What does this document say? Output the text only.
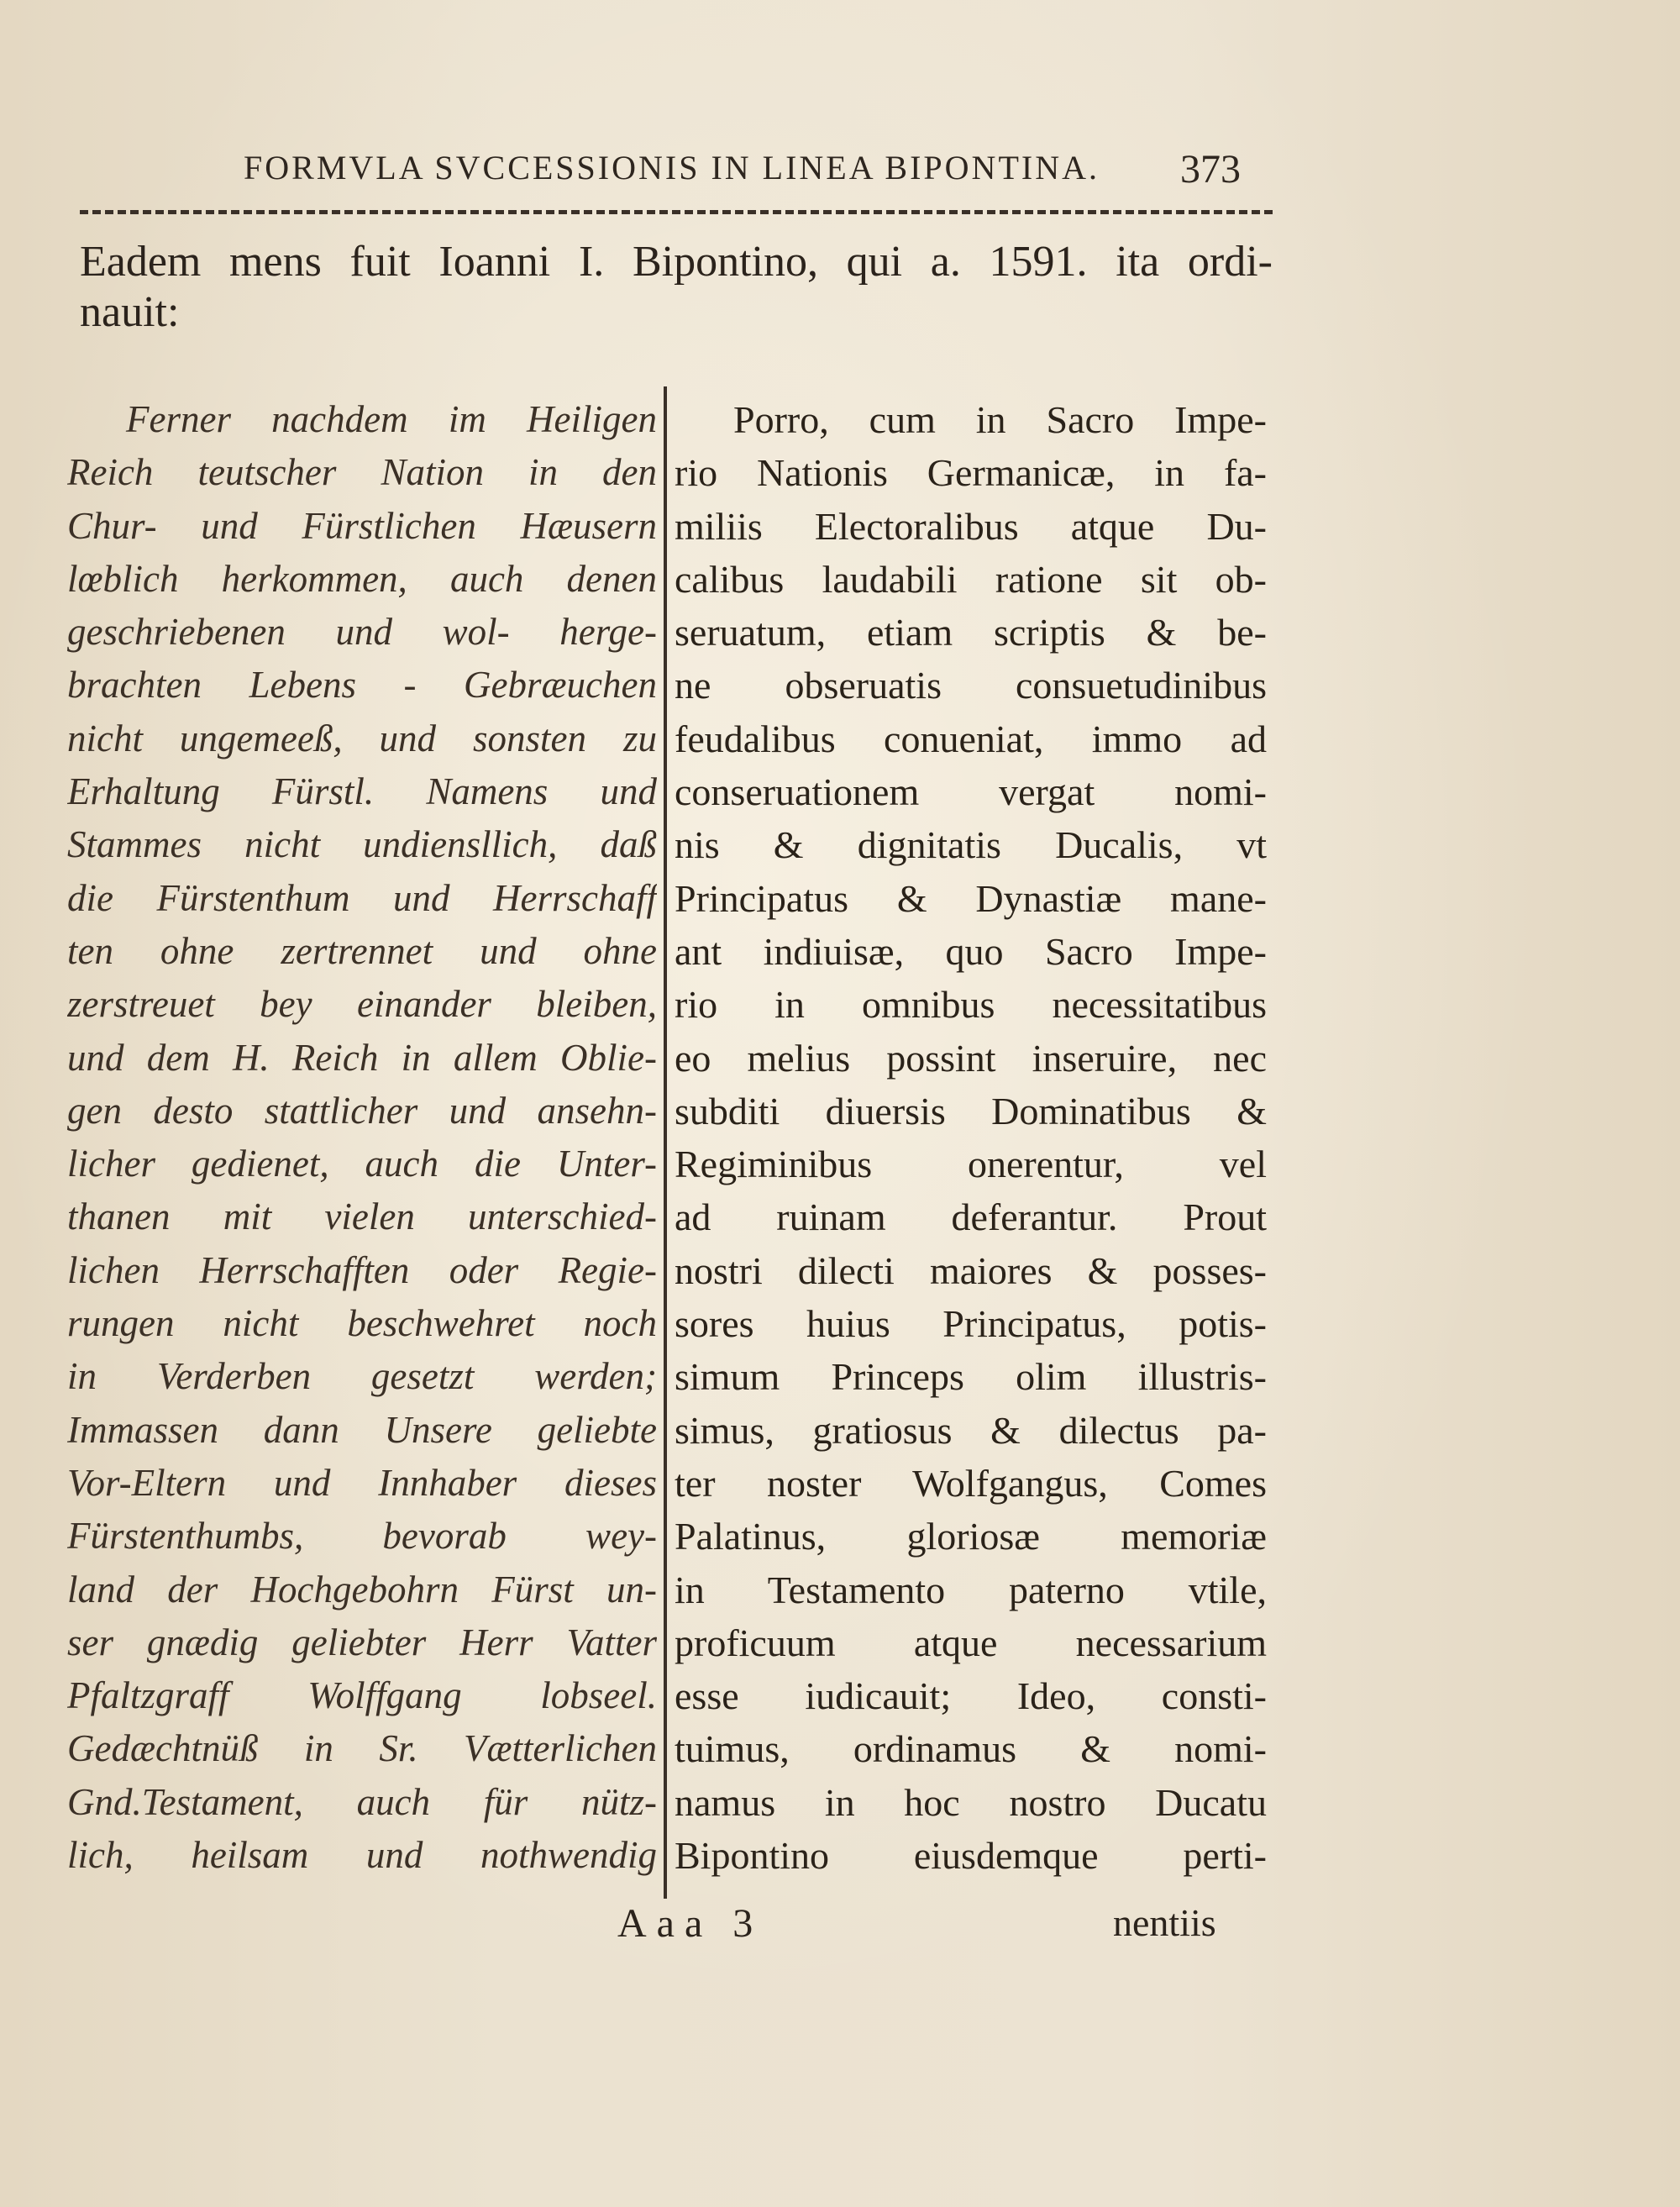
FORMVLA SVCCESSIONIS IN LINEA BIPONTINA. 373
Eadem mens fuit Ioanni I. Bipontino, qui a. 1591. ita ordi-
nauit:
Ferner nachdem im Heiligen
Reich teutscher Nation in den
Chur- und Fürstlichen Hæusern
lœblich herkommen, auch denen
geschriebenen und wol- herge-
brachten Lebens - Gebræuchen
nicht ungemeeß, und sonsten zu
Erhaltung Fürstl. Namens und
Stammes nicht undiensllich, daß
die Fürstenthum und Herrschaff
ten ohne zertrennet und ohne
zerstreuet bey einander bleiben,
und dem H. Reich in allem Oblie-
gen desto stattlicher und ansehn-
licher gedienet, auch die Unter-
thanen mit vielen unterschied-
lichen Herrschafften oder Regie-
rungen nicht beschwehret noch
in Verderben gesetzt werden;
Immassen dann Unsere geliebte
Vor-Eltern und Innhaber dieses
Fürstenthumbs, bevorab wey-
land der Hochgebohrn Fürst un-
ser gnædig geliebter Herr Vatter
Pfaltzgraff Wolffgang lobseel.
Gedæchtnüß in Sr. Vætterlichen
Gnd.Testament, auch für nütz-
lich, heilsam und nothwendig
Porro, cum in Sacro Impe-
rio Nationis Germanicæ, in fa-
miliis Electoralibus atque Du-
calibus laudabili ratione sit ob-
seruatum, etiam scriptis & be-
ne obseruatis consuetudinibus
feudalibus conueniat, immo ad
conseruationem vergat nomi-
nis & dignitatis Ducalis, vt
Principatus & Dynastiæ mane-
ant indiuisæ, quo Sacro Impe-
rio in omnibus necessitatibus
eo melius possint inseruire, nec
subditi diuersis Dominatibus &
Regiminibus onerentur, vel
ad ruinam deferantur. Prout
nostri dilecti maiores & posses-
sores huius Principatus, potis-
simum Princeps olim illustris-
simus, gratiosus & dilectus pa-
ter noster Wolfgangus, Comes
Palatinus, gloriosæ memoriæ
in Testamento paterno vtile,
proficuum atque necessarium
esse iudicauit; Ideo, consti-
tuimus, ordinamus & nomi-
namus in hoc nostro Ducatu
Bipontino eiusdemque perti-
Aaa 3	nentiis
